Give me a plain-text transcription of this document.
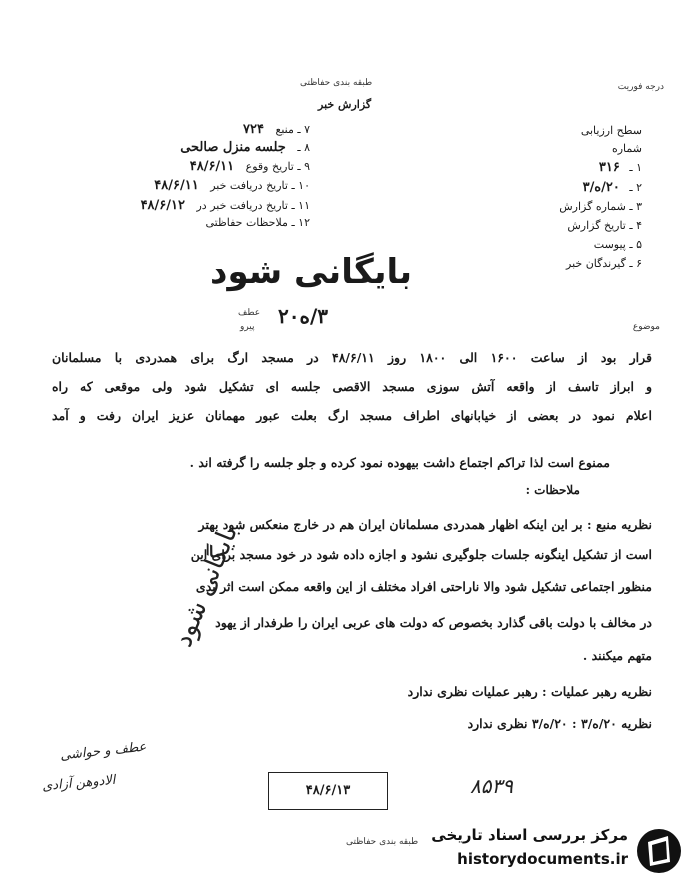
درجه فوریت
طبقه بندی حفاظتی
گزارش خبر
سطح ارزیابی
شماره
۱ ـ ۳۱۶
۲ ـ ۲۰/ه/۳
۳ ـ شماره گزارش
۴ ـ تاریخ گزارش
۵ ـ پیوست
۶ ـ گیرندگان خبر
۷ ـ منبع ۷۲۴
۸ ـ جلسه منزل صالحی
۹ ـ تاریخ وقوع ۴۸/۶/۱۱
۱۰ ـ تاریخ دریافت خبر ۴۸/۶/۱۱
۱۱ ـ تاریخ دریافت خبر در ۴۸/۶/۱۲
۱۲ ـ ملاحظات حفاظتی
بایگانی شود
عطف
پیرو ۳/ه۲۰	موضوع
قرار بود از ساعت ۱۶۰۰ الی ۱۸۰۰ روز ۴۸/۶/۱۱ در مسجد ارگ برای همدردی با مسلمانان
و ابراز تاسف از واقعه آتش سوزی مسجد الاقصی جلسه ای تشکیل شود ولی موقعی که راه
اعلام نمود در بعضی از خیابانهای اطراف مسجد ارگ بعلت عبور مهمانان عزیز ایران رفت و آمد
ممنوع است لذا تراکم اجتماع داشت بیهوده نمود کرده و جلو جلسه را گرفته اند .
ملاحظات :
نظریه منبع : بر این اینکه اظهار همدردی مسلمانان ایران هم در خارج منعکس شود بهتر
است از تشکیل اینگونه جلسات جلوگیری نشود و اجازه داده شود در خود مسجد برای این
منظور اجتماعی تشکیل شود والا ناراحتی افراد مختلف از این واقعه ممکن است اثر بدی
در مخالف با دولت باقی گذارد بخصوص که دولت های عربی ایران را طرفدار از یهود
متهم میکنند .
نظریه رهبر عملیات : رهبر عملیات نظری ندارد
نظریه ۲۰/ه/۳ : ۲۰/ه/۳ نظری ندارد
بایگانی شود
عطف و حواشی
الادوهن آزادی	۴۸/۶/۱۳	۸۵۳۹
طبقه بندی حفاظتی مرکز بررسی اسناد تاریخی
historydocuments.ir
